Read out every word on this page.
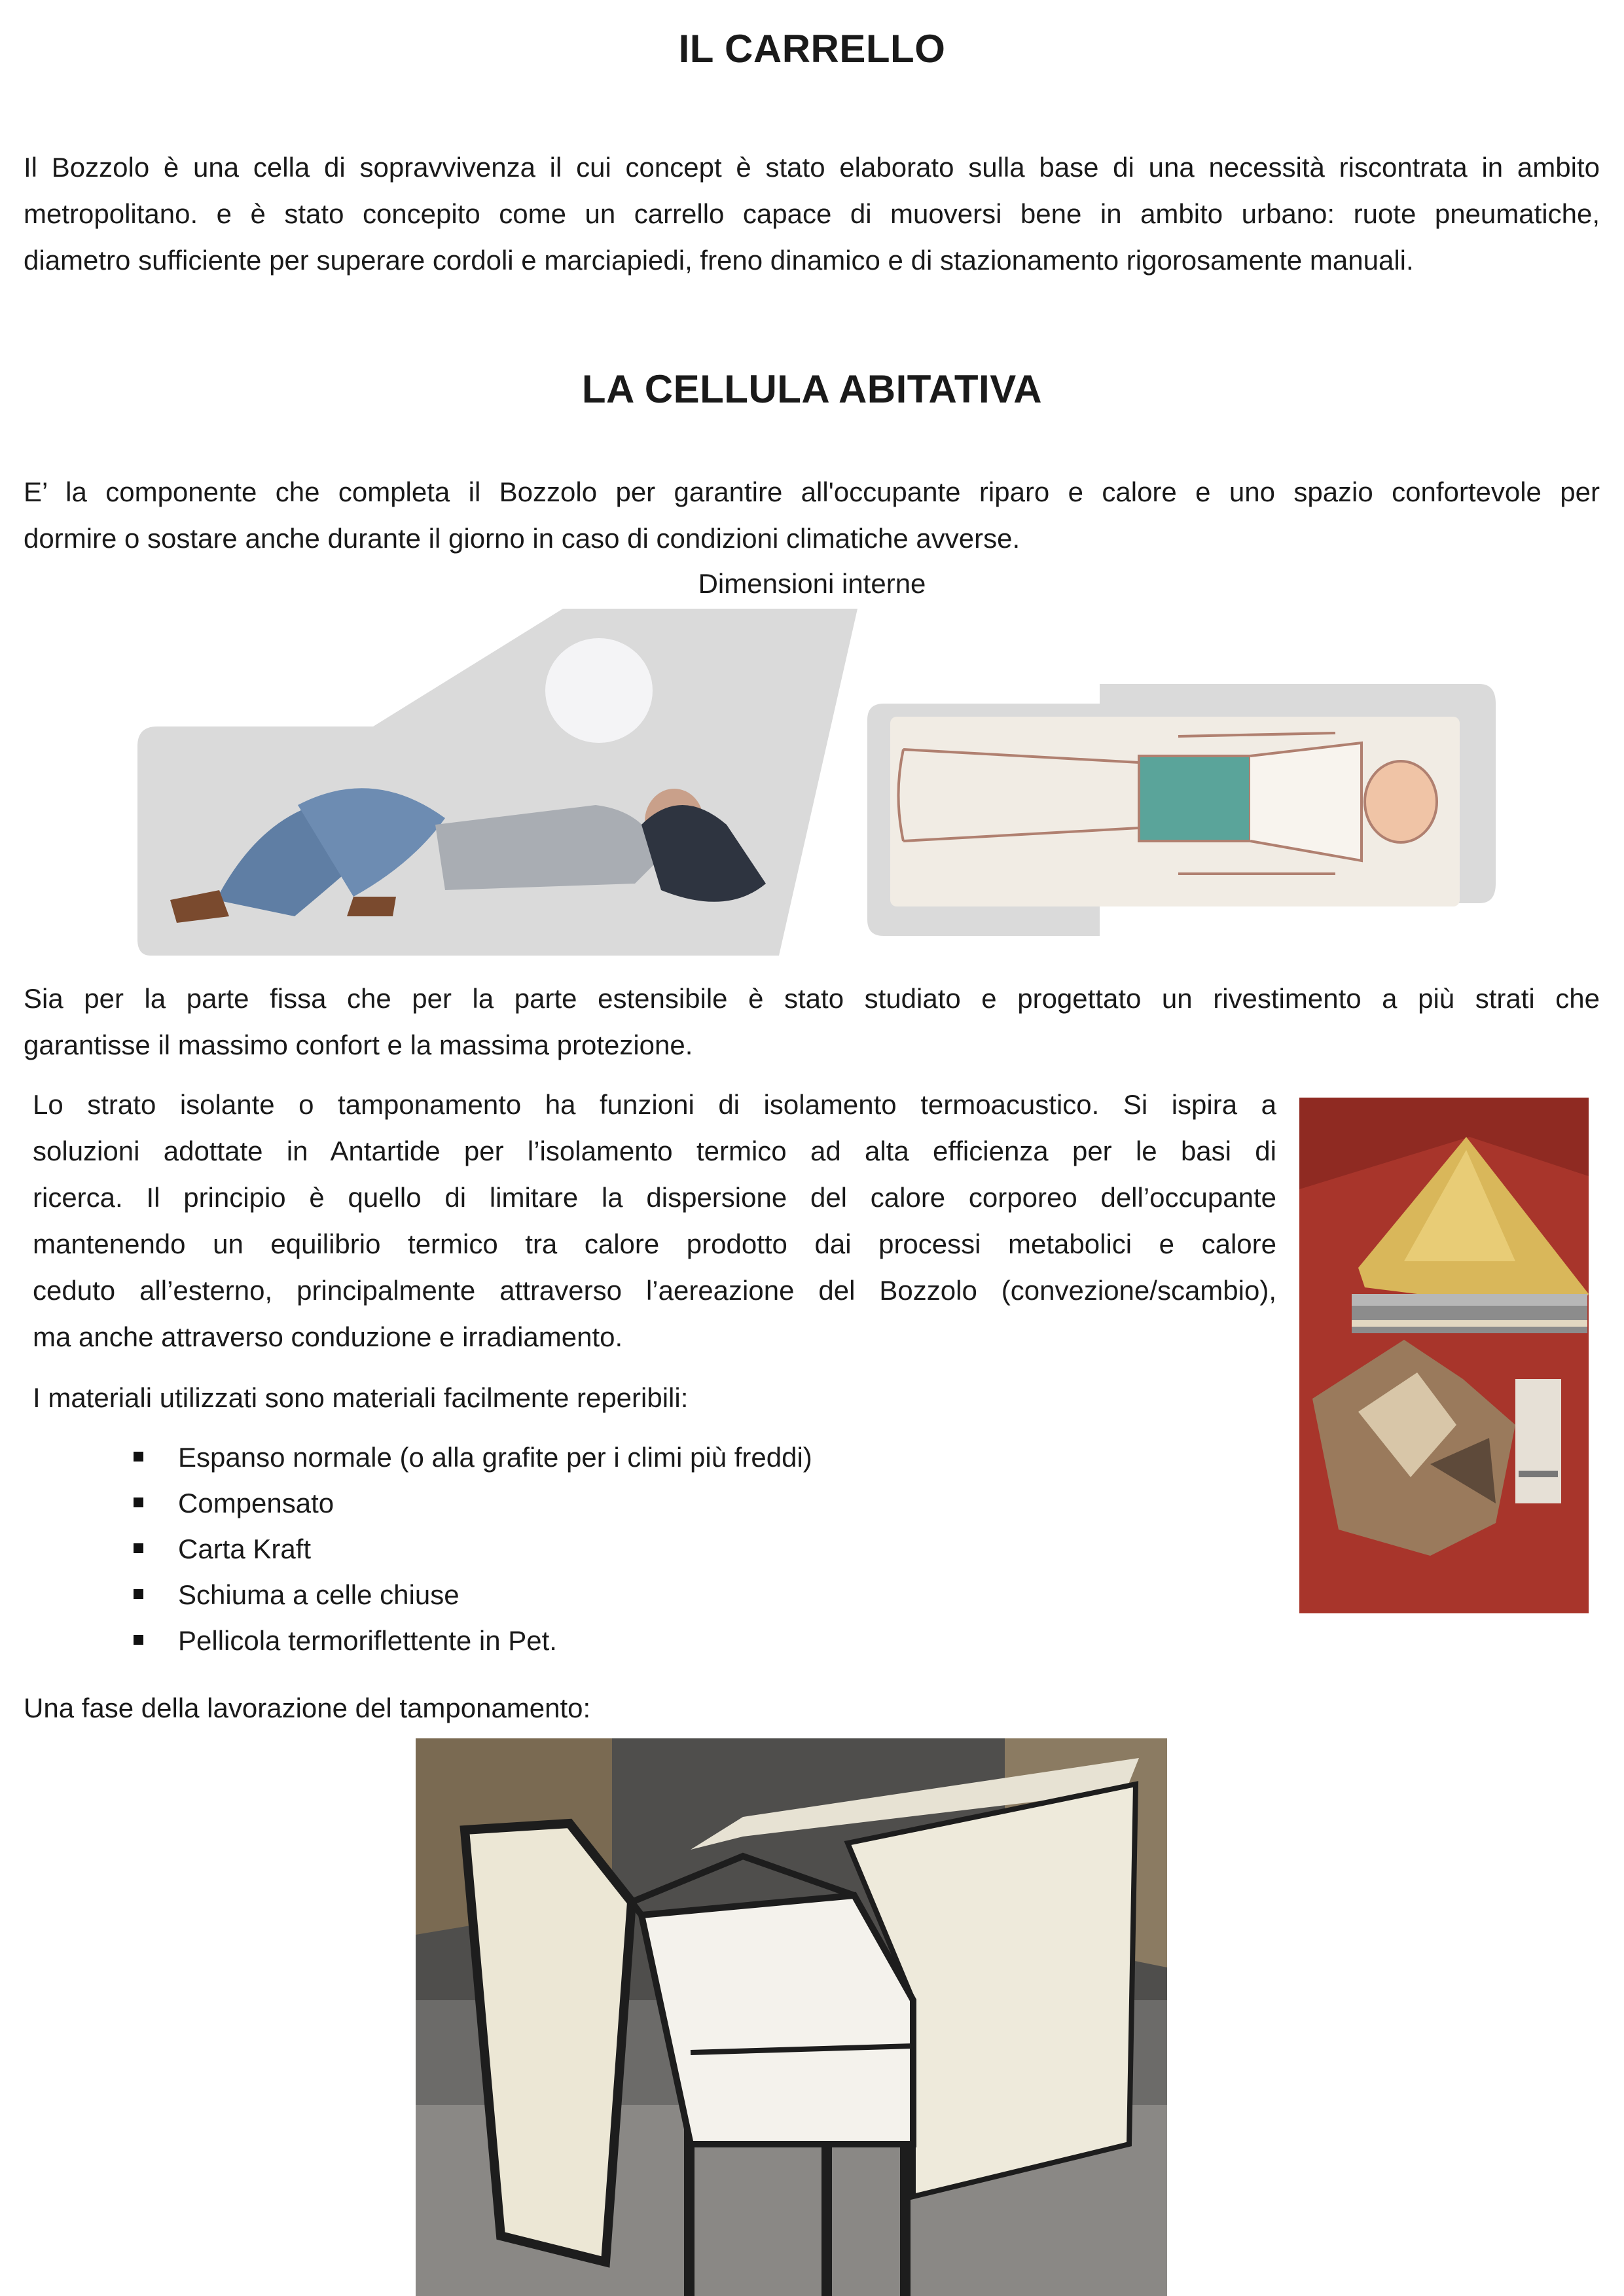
IL CARRELLO

Il Bozzolo è una cella di sopravvivenza il cui concept è stato elaborato sulla base di una necessità riscontrata in ambito

metropolitano. e è stato concepito come un carrello capace di muoversi bene in ambito urbano: ruote pneumatiche,

diametro sufficiente per superare cordoli e marciapiedi, freno dinamico e di stazionamento rigorosamente manuali.

LA CELLULA ABITATIVA

E’ la componente che completa il Bozzolo per garantire all'occupante riparo e calore e uno spazio confortevole per

dormire o sostare anche durante il giorno in caso di condizioni climatiche avverse.

Dimensioni interne

Sia per la parte fissa che per la parte estensibile è stato studiato e progettato un rivestimento a più strati che

garantisse il massimo confort e la massima protezione.

Lo strato isolante o tamponamento ha funzioni di isolamento termoacustico. Si ispira a

soluzioni adottate in Antartide per l’isolamento termico ad alta efficienza per le basi di

ricerca. Il principio è quello di limitare la dispersione del calore corporeo dell’occupante

mantenendo un equilibrio termico tra calore prodotto dai processi metabolici e calore

ceduto all’esterno, principalmente attraverso l’aereazione del Bozzolo (convezione/scambio),

ma anche attraverso conduzione e irradiamento.

I materiali utilizzati sono materiali facilmente reperibili:

Espanso normale (o alla grafite per i climi più freddi)
Compensato
Carta Kraft
Schiuma a celle chiuse
Pellicola termoriflettente in Pet.

Una fase della lavorazione del tamponamento:
